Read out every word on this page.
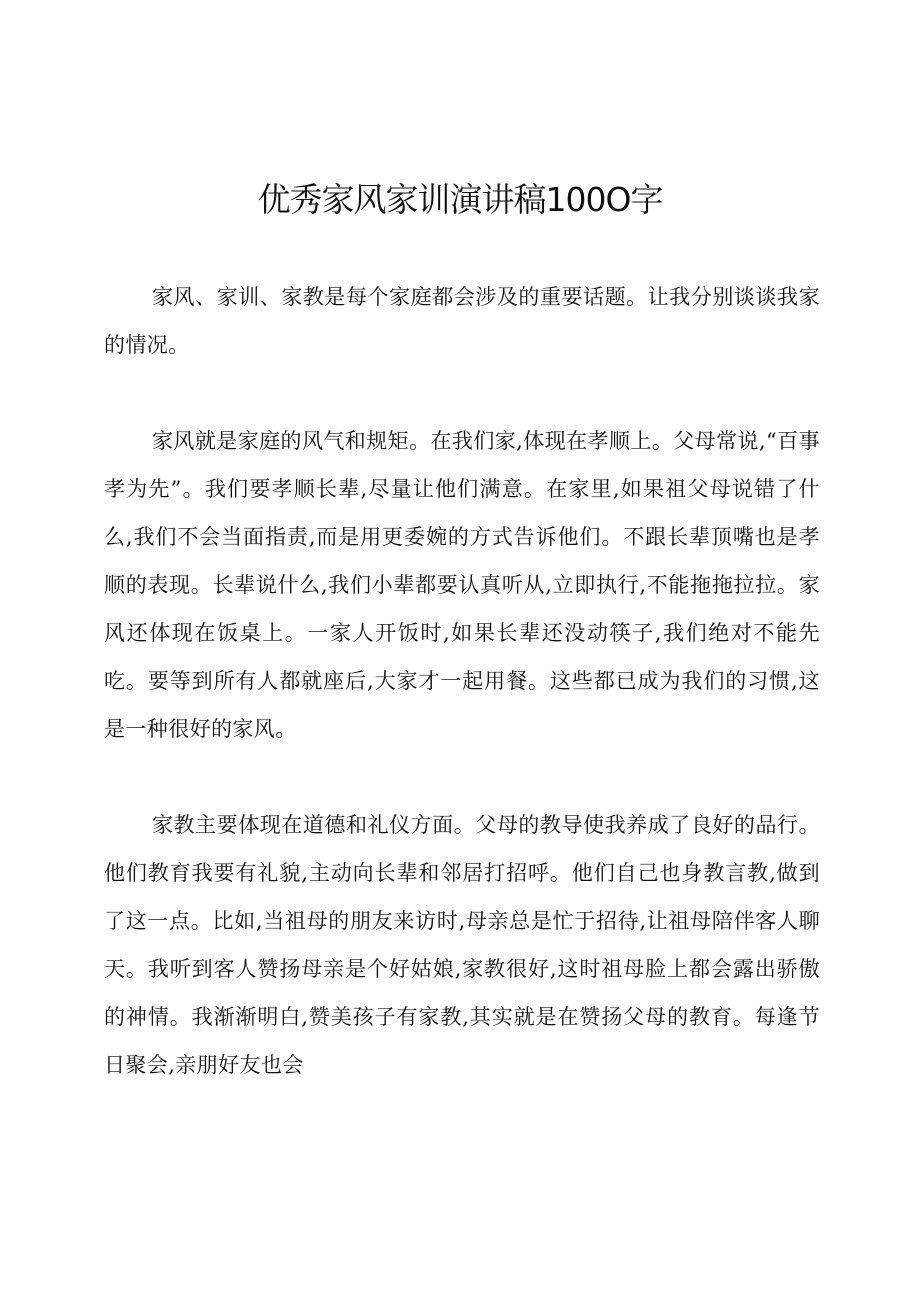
优秀家风家训演讲稿100O字

家风、家训、家教是每个家庭都会涉及的重要话题。让我分别谈谈我家的情况。

家风就是家庭的风气和规矩。在我们家,体现在孝顺上。父母常说,“百事孝为先”。我们要孝顺长辈,尽量让他们满意。在家里,如果祖父母说错了什么,我们不会当面指责,而是用更委婉的方式告诉他们。不跟长辈顶嘴也是孝顺的表现。长辈说什么,我们小辈都要认真听从,立即执行,不能拖拖拉拉。家风还体现在饭桌上。一家人开饭时,如果长辈还没动筷子,我们绝对不能先吃。要等到所有人都就座后,大家才一起用餐。这些都已成为我们的习惯,这是一种很好的家风。

家教主要体现在道德和礼仪方面。父母的教导使我养成了良好的品行。他们教育我要有礼貌,主动向长辈和邻居打招呼。他们自己也身教言教,做到了这一点。比如,当祖母的朋友来访时,母亲总是忙于招待,让祖母陪伴客人聊天。我听到客人赞扬母亲是个好姑娘,家教很好,这时祖母脸上都会露出骄傲的神情。我渐渐明白,赞美孩子有家教,其实就是在赞扬父母的教育。每逢节日聚会,亲朋好友也会
